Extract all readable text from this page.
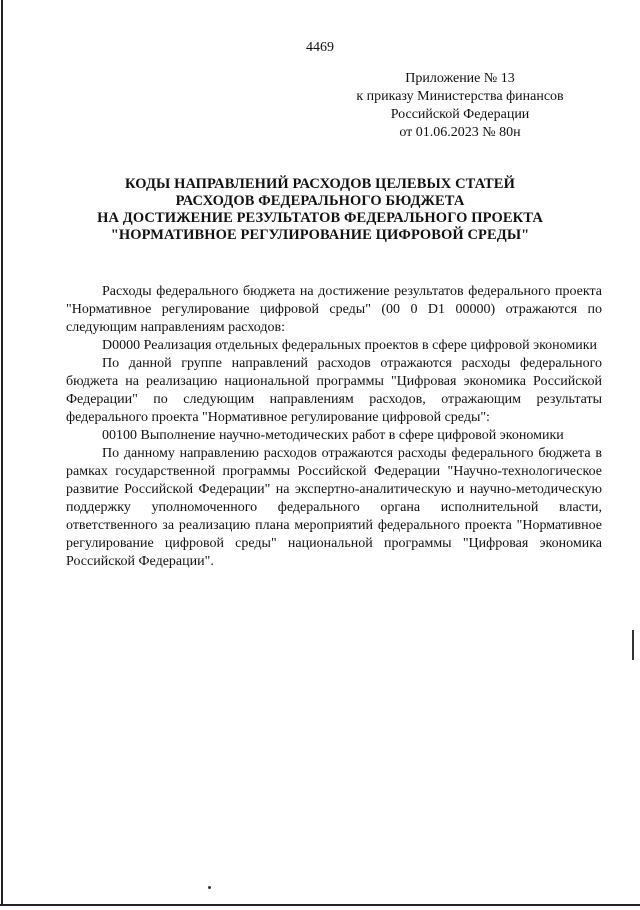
4469
Приложение № 13
к приказу Министерства финансов
Российской Федерации
от 01.06.2023 № 80н
КОДЫ НАПРАВЛЕНИЙ РАСХОДОВ ЦЕЛЕВЫХ СТАТЕЙ
РАСХОДОВ ФЕДЕРАЛЬНОГО БЮДЖЕТА
НА ДОСТИЖЕНИЕ РЕЗУЛЬТАТОВ ФЕДЕРАЛЬНОГО ПРОЕКТА
"НОРМАТИВНОЕ РЕГУЛИРОВАНИЕ ЦИФРОВОЙ СРЕДЫ"

Расходы федерального бюджета на достижение результатов федерального проекта "Нормативное регулирование цифровой среды" (00 0 D1 00000) отражаются по следующим направлениям расходов:

D0000 Реализация отдельных федеральных проектов в сфере цифровой экономики

По данной группе направлений расходов отражаются расходы федерального бюджета на реализацию национальной программы "Цифровая экономика Российской Федерации" по следующим направлениям расходов, отражающим результаты федерального проекта "Нормативное регулирование цифровой среды":

00100 Выполнение научно-методических работ в сфере цифровой экономики

По данному направлению расходов отражаются расходы федерального бюджета в рамках государственной программы Российской Федерации "Научно-технологическое развитие Российской Федерации" на экспертно-аналитическую и научно-методическую поддержку уполномоченного федерального органа исполнительной власти, ответственного за реализацию плана мероприятий федерального проекта "Нормативное регулирование цифровой среды" национальной программы "Цифровая экономика Российской Федерации".
